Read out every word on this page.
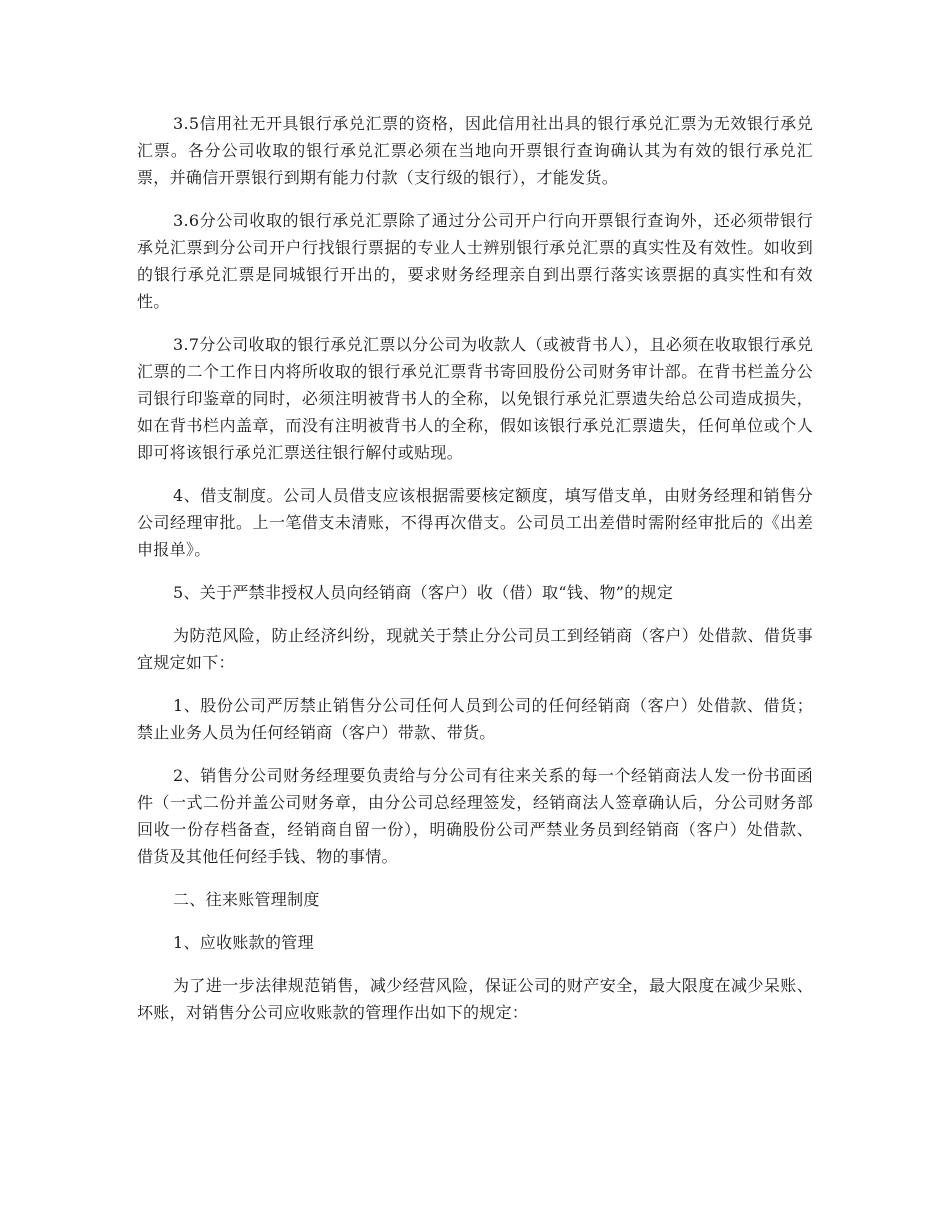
3.5信用社无开具银行承兑汇票的资格，因此信用社出具的银行承兑汇票为无效银行承兑汇票。各分公司收取的银行承兑汇票必须在当地向开票银行查询确认其为有效的银行承兑汇票，并确信开票银行到期有能力付款（支行级的银行），才能发货。

3.6分公司收取的银行承兑汇票除了通过分公司开户行向开票银行查询外，还必须带银行承兑汇票到分公司开户行找银行票据的专业人士辨别银行承兑汇票的真实性及有效性。如收到的银行承兑汇票是同城银行开出的，要求财务经理亲自到出票行落实该票据的真实性和有效性。

3.7分公司收取的银行承兑汇票以分公司为收款人（或被背书人），且必须在收取银行承兑汇票的二个工作日内将所收取的银行承兑汇票背书寄回股份公司财务审计部。在背书栏盖分公司银行印鉴章的同时，必须注明被背书人的全称，以免银行承兑汇票遗失给总公司造成损失，如在背书栏内盖章，而没有注明被背书人的全称，假如该银行承兑汇票遗失，任何单位或个人即可将该银行承兑汇票送往银行解付或贴现。

4、借支制度。公司人员借支应该根据需要核定额度，填写借支单，由财务经理和销售分公司经理审批。上一笔借支未清账，不得再次借支。公司员工出差借时需附经审批后的《出差申报单》。

5、关于严禁非授权人员向经销商（客户）收（借）取“钱、物”的规定

为防范风险，防止经济纠纷，现就关于禁止分公司员工到经销商（客户）处借款、借货事宜规定如下：

1、股份公司严厉禁止销售分公司任何人员到公司的任何经销商（客户）处借款、借货；禁止业务人员为任何经销商（客户）带款、带货。

2、销售分公司财务经理要负责给与分公司有往来关系的每一个经销商法人发一份书面函件（一式二份并盖公司财务章，由分公司总经理签发，经销商法人签章确认后，分公司财务部回收一份存档备查，经销商自留一份），明确股份公司严禁业务员到经销商（客户）处借款、借货及其他任何经手钱、物的事情。

二、往来账管理制度

1、应收账款的管理

为了进一步法律规范销售，减少经营风险，保证公司的财产安全，最大限度在减少呆账、坏账，对销售分公司应收账款的管理作出如下的规定：
